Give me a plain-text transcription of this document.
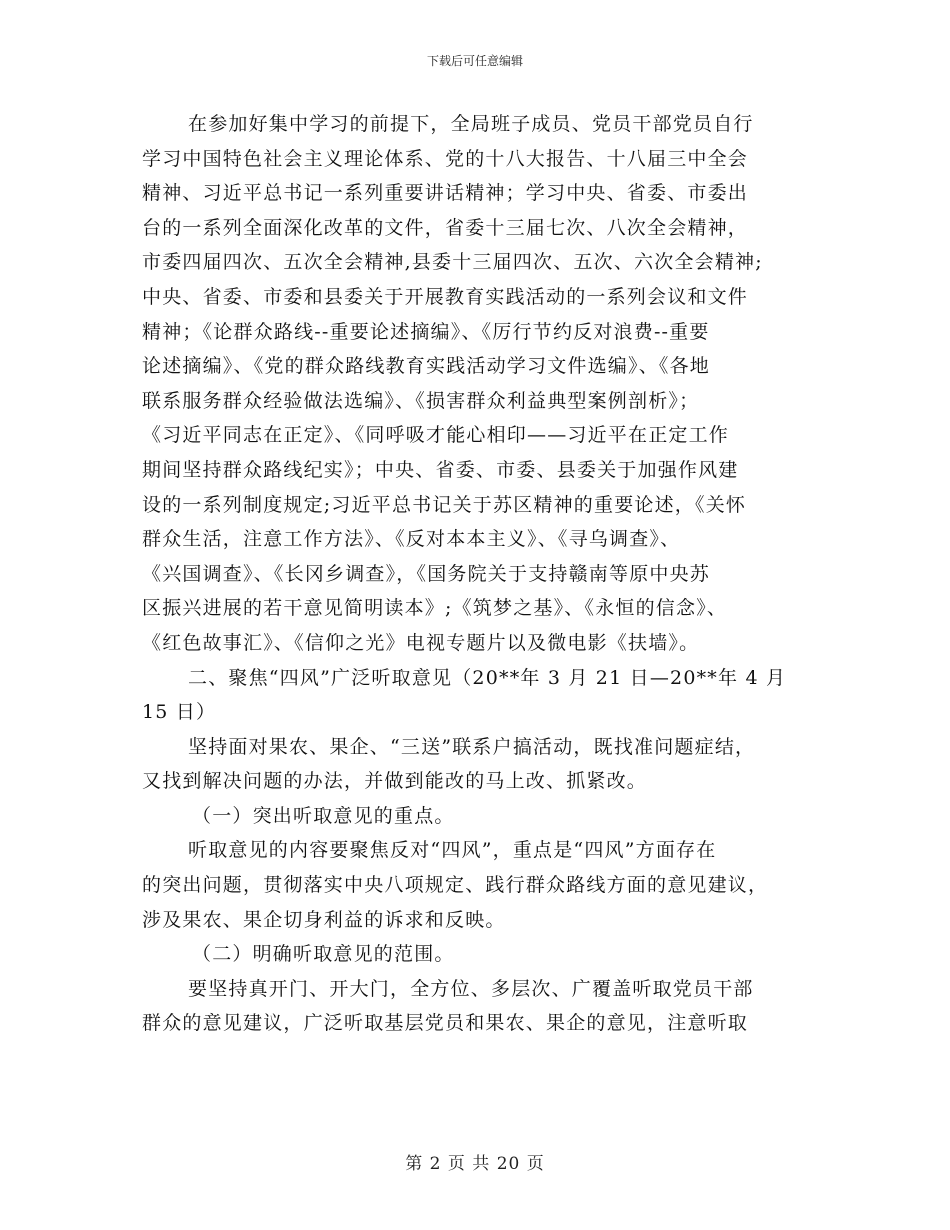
下载后可任意编辑
在参加好集中学习的前提下，全局班子成员、党员干部党员自行
学习中国特色社会主义理论体系、党的十八大报告、十八届三中全会
精神、习近平总书记一系列重要讲话精神；学习中央、省委、市委出
台的一系列全面深化改革的文件，省委十三届七次、八次全会精神，
市委四届四次、五次全会精神,县委十三届四次、五次、六次全会精神;
中央、省委、市委和县委关于开展教育实践活动的一系列会议和文件
精神；《论群众路线--重要论述摘编》、《厉行节约反对浪费--重要
论述摘编》、《党的群众路线教育实践活动学习文件选编》、《各地
联系服务群众经验做法选编》、《损害群众利益典型案例剖析》；
《习近平同志在正定》、《同呼吸才能心相印——习近平在正定工作
期间坚持群众路线纪实》；中央、省委、市委、县委关于加强作风建
设的一系列制度规定;习近平总书记关于苏区精神的重要论述，《关怀
群众生活，注意工作方法》、《反对本本主义》、《寻乌调查》、
《兴国调查》、《长冈乡调查》，《国务院关于支持赣南等原中央苏
区振兴进展的若干意见简明读本》;《筑梦之基》、《永恒的信念》、
《红色故事汇》、《信仰之光》电视专题片以及微电影《扶墙》。
二、聚焦“四风”广泛听取意见（20**年 3 月 21 日—20**年 4 月
15 日）
坚持面对果农、果企、“三送”联系户搞活动，既找准问题症结，
又找到解决问题的办法，并做到能改的马上改、抓紧改。
（一）突出听取意见的重点。
听取意见的内容要聚焦反对“四风”，重点是“四风”方面存在
的突出问题，贯彻落实中央八项规定、践行群众路线方面的意见建议，
涉及果农、果企切身利益的诉求和反映。
（二）明确听取意见的范围。
要坚持真开门、开大门，全方位、多层次、广覆盖听取党员干部
群众的意见建议，广泛听取基层党员和果农、果企的意见，注意听取
第 2 页 共 20 页
